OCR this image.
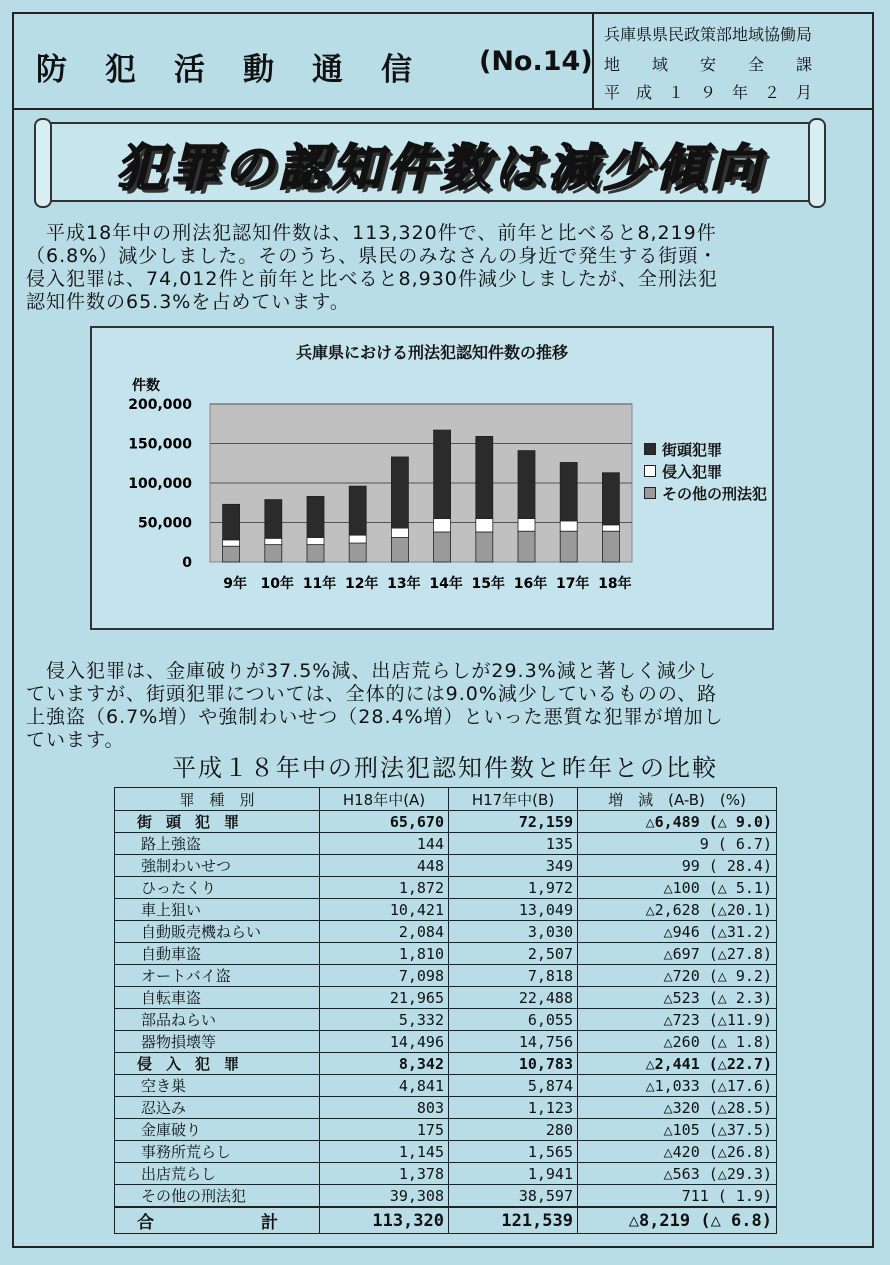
防犯活動通信 (No.14)
兵庫県県民政策部地域協働局
地　　域　　安　　全　　課
平　成　１　９　年　２　月
犯罪の認知件数は減少傾向
　平成18年中の刑法犯認知件数は、113,320件で、前年と比べると8,219件
（6.8%）減少しました。そのうち、県民のみなさんの身近で発生する街頭・
侵入犯罪は、74,012件と前年と比べると8,930件減少しましたが、全刑法犯
認知件数の65.3%を占めています。
兵庫県における刑法犯認知件数の推移
200,000
150,000
100,000
50,000
0
件数
9年 10年 11年 12年 13年 14年 15年 16年 17年 18年
街頭犯罪
侵入犯罪
その他の刑法犯
　侵入犯罪は、金庫破りが37.5%減、出店荒らしが29.3%減と著しく減少し
ていますが、街頭犯罪については、全体的には9.0%減少しているものの、路
上強盗（6.7%増）や強制わいせつ（28.4%増）といった悪質な犯罪が増加し
ています。
平成１８年中の刑法犯認知件数と昨年との比較
罪　種　別	H18年中(A)	H17年中(B)	増　減　(A-B)　(%)
街頭犯罪	65,670	72,159	△6,489 (△ 9.0)
路上強盗	144	135	9 ( 6.7)
強制わいせつ	448	349	99 ( 28.4)
ひったくり	1,872	1,972	△100 (△ 5.1)
車上狙い	10,421	13,049	△2,628 (△20.1)
自動販売機ねらい	2,084	3,030	△946 (△31.2)
自動車盗	1,810	2,507	△697 (△27.8)
オートバイ盗	7,098	7,818	△720 (△ 9.2)
自転車盗	21,965	22,488	△523 (△ 2.3)
部品ねらい	5,332	6,055	△723 (△11.9)
器物損壊等	14,496	14,756	△260 (△ 1.8)
侵入犯罪	8,342	10,783	△2,441 (△22.7)
空き巣	4,841	5,874	△1,033 (△17.6)
忍込み	803	1,123	△320 (△28.5)
金庫破り	175	280	△105 (△37.5)
事務所荒らし	1,145	1,565	△420 (△26.8)
出店荒らし	1,378	1,941	△563 (△29.3)
その他の刑法犯	39,308	38,597	711 ( 1.9)
合　　　計	113,320	121,539	△8,219 (△ 6.8)
